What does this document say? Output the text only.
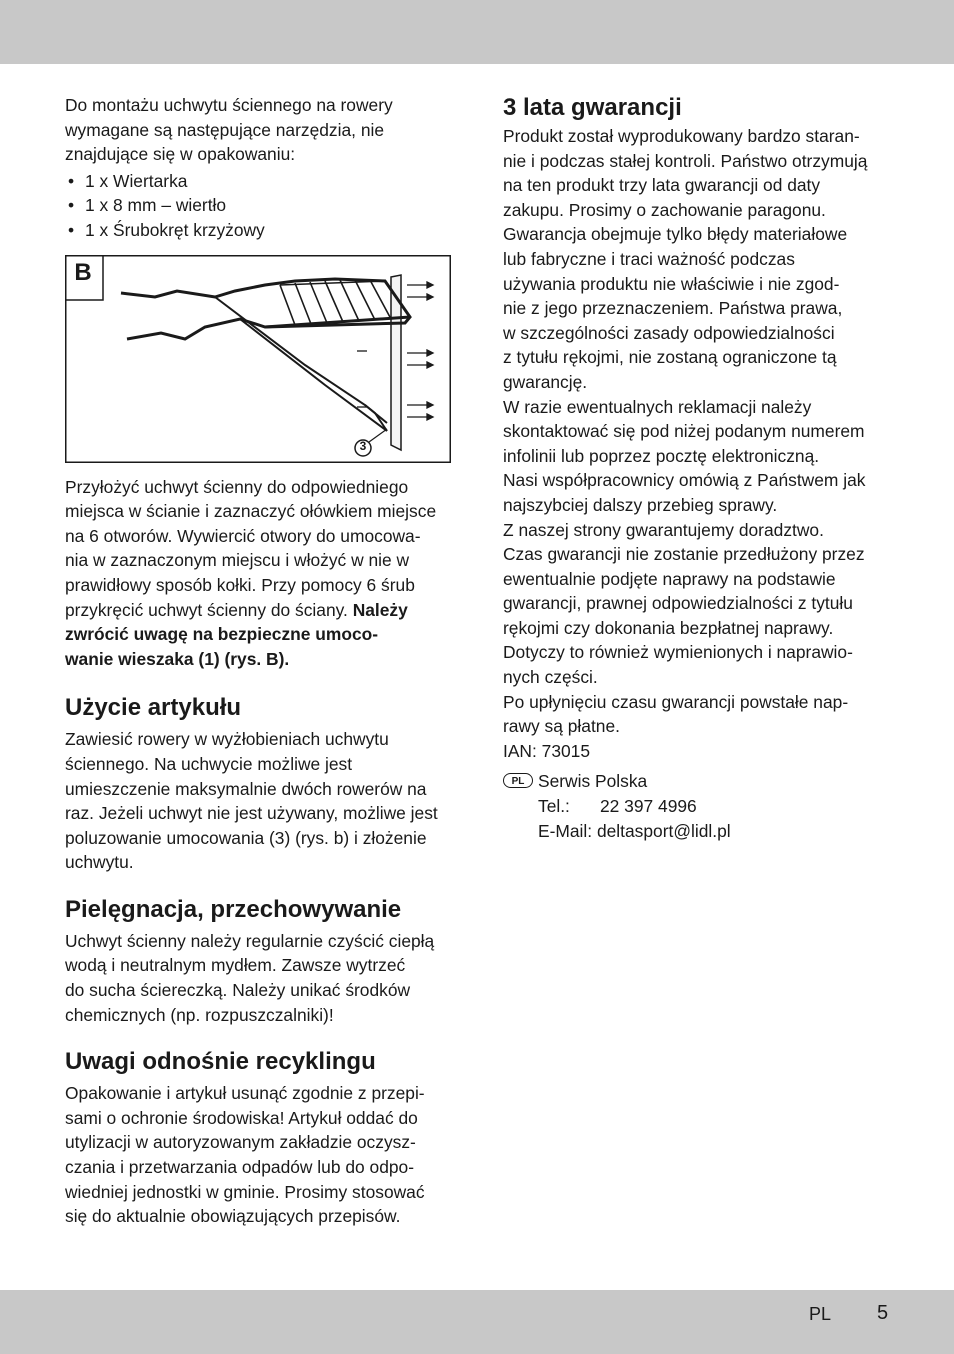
Do montażu uchwytu ściennego na rowery
wymagane są następujące narzędzia, nie
znajdujące się w opakowaniu:

• 1 x Wiertarka
• 1 x 8 mm – wiertło
• 1 x Śrubokręt krzyżowy
B
3

Przyłożyć uchwyt ścienny do odpowiedniego
miejsca w ścianie i zaznaczyć ołówkiem miejsce
na 6 otworów. Wywiercić otwory do umocowa-
nia w zaznaczonym miejscu i włożyć w nie w
prawidłowy sposób kołki. Przy pomocy 6 śrub
przykręcić uchwyt ścienny do ściany. Należy
zwrócić uwagę na bezpieczne umoco-
wanie wieszaka (1) (rys. B).

Użycie artykułu

Zawiesić rowery w wyżłobieniach uchwytu
ściennego. Na uchwycie możliwe jest
umieszczenie maksymalnie dwóch rowerów na
raz. Jeżeli uchwyt nie jest używany, możliwe jest
poluzowanie umocowania (3) (rys. b) i złożenie
uchwytu.

Pielęgnacja, przechowywanie

Uchwyt ścienny należy regularnie czyścić ciepłą
wodą i neutralnym mydłem. Zawsze wytrzeć
do sucha ściereczką. Należy unikać środków
chemicznych (np. rozpuszczalniki)!

Uwagi odnośnie recyklingu

Opakowanie i artykuł usunąć zgodnie z przepi-
sami o ochronie środowiska! Artykuł oddać do
utylizacji w autoryzowanym zakładzie oczysz-
czania i przetwarzania odpadów lub do odpo-
wiedniej jednostki w gminie. Prosimy stosować
się do aktualnie obowiązujących przepisów.

3 lata gwarancji

Produkt został wyprodukowany bardzo staran-
nie i podczas stałej kontroli. Państwo otrzymują
na ten produkt trzy lata gwarancji od daty
zakupu. Prosimy o zachowanie paragonu.
Gwarancja obejmuje tylko błędy materiałowe
lub fabryczne i traci ważność podczas
używania produktu nie właściwie i nie zgod-
nie z jego przeznaczeniem. Państwa prawa,
w szczególności zasady odpowiedzialności
z tytułu rękojmi, nie zostaną ograniczone tą
gwarancję.
W razie ewentualnych reklamacji należy
skontaktować się pod niżej podanym numerem
infolinii lub poprzez pocztę elektroniczną.
Nasi współpracownicy omówią z Państwem jak
najszybciej dalszy przebieg sprawy.
Z naszej strony gwarantujemy doradztwo.
Czas gwarancji nie zostanie przedłużony przez
ewentualnie podjęte naprawy na podstawie
gwarancji, prawnej odpowiedzialności z tytułu
rękojmi czy dokonania bezpłatnej naprawy.
Dotyczy to również wymienionych i naprawio-
nych części.
Po upłynięciu czasu gwarancji powstałe nap-
rawy są płatne.

IAN: 73015

PL Serwis Polska
Tel.: 22 397 4996
E-Mail: deltasport@lidl.pl
PL 5
